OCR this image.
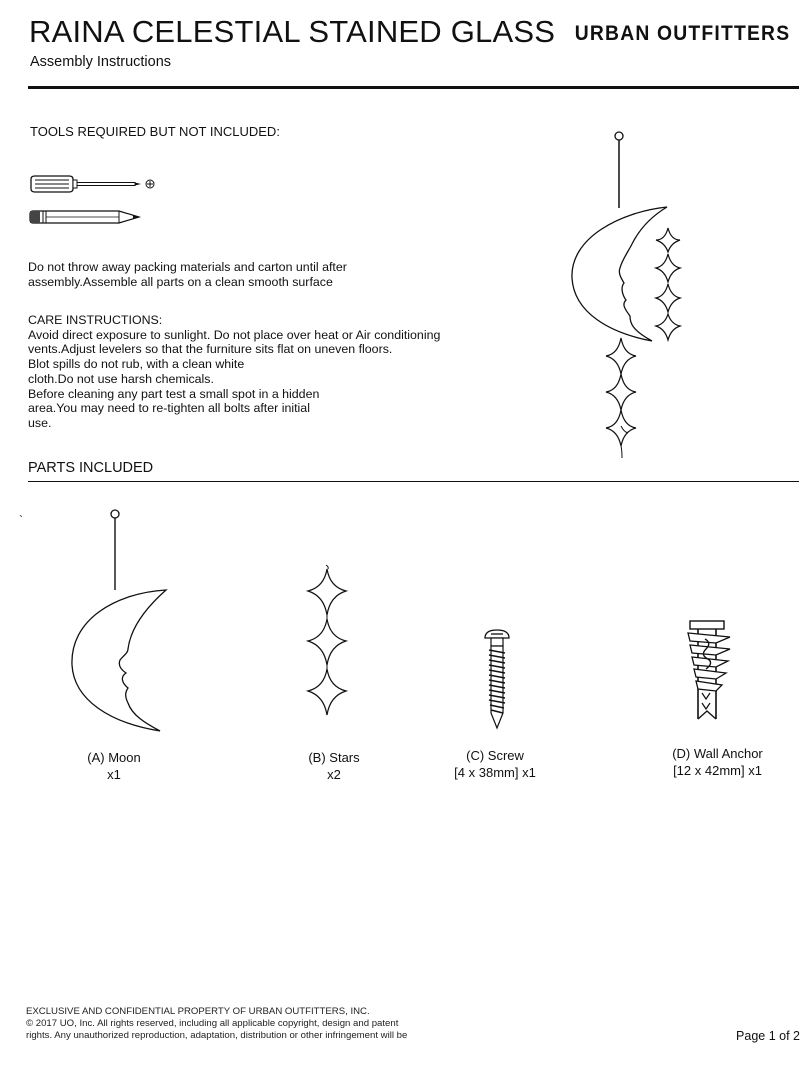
RAINA CELESTIAL STAINED GLASS
Assembly Instructions
URBAN OUTFITTERS
TOOLS REQUIRED BUT NOT INCLUDED:
Do not throw away packing materials and carton until after assembly.Assemble all parts on a clean smooth surface
CARE INSTRUCTIONS:
Avoid direct exposure to sunlight. Do not place over heat or Air conditioning
vents.Adjust levelers so that the furniture sits flat on uneven floors.
Blot spills do not rub, with a clean white
cloth.Do not use harsh chemicals.
Before cleaning any part test a small spot in a hidden
area.You may need to re-tighten all bolts after initial
use.
PARTS INCLUDED
`
(A) Moon
x1
(B) Stars
x2
(C) Screw
[4 x 38mm] x1
(D) Wall Anchor
[12 x 42mm] x1
EXCLUSIVE AND CONFIDENTIAL PROPERTY OF URBAN OUTFITTERS, INC.
© 2017 UO, Inc. All rights reserved, including all applicable copyright, design and patent
rights. Any unauthorized reproduction, adaptation, distribution or other infringement will be	Page 1 of 2
